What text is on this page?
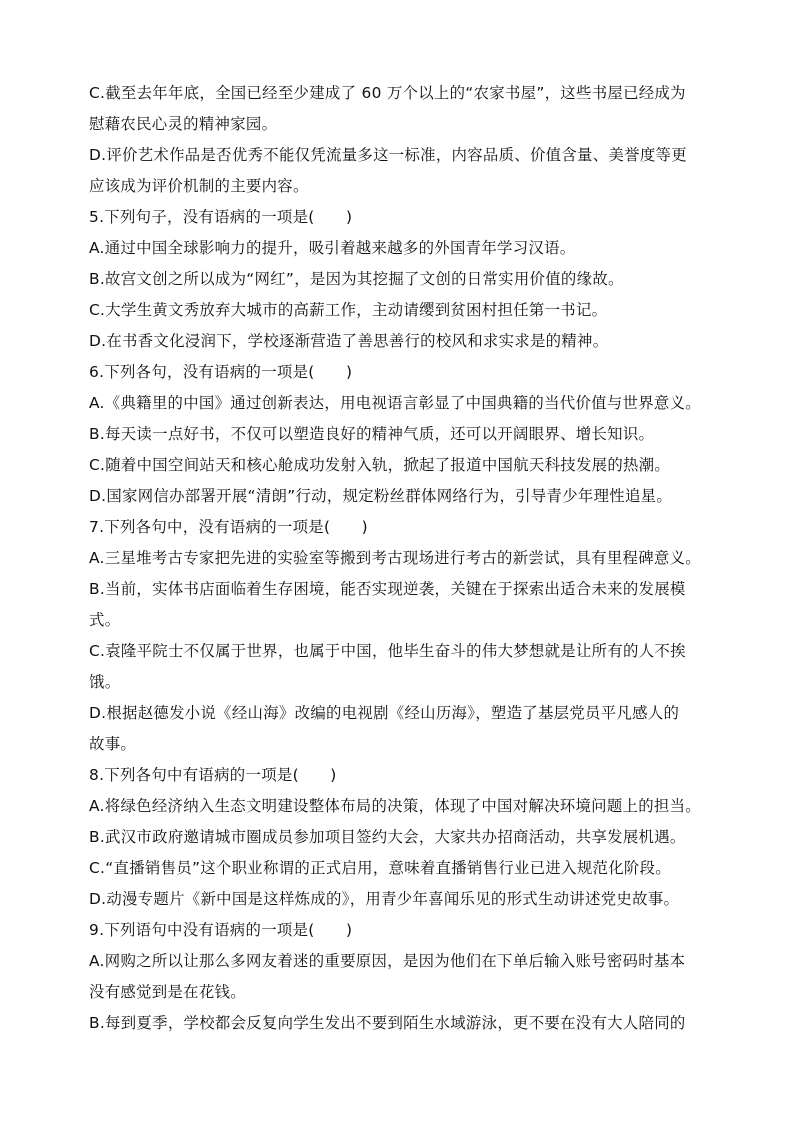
C.截至去年年底，全国已经至少建成了 60 万个以上的“农家书屋”，这些书屋已经成为
慰藉农民心灵的精神家园。
D.评价艺术作品是否优秀不能仅凭流量多这一标准，内容品质、价值含量、美誉度等更
应该成为评价机制的主要内容。
5.下列句子，没有语病的一项是(　　)
A.通过中国全球影响力的提升，吸引着越来越多的外国青年学习汉语。
B.故宫文创之所以成为“网红”，是因为其挖掘了文创的日常实用价值的缘故。
C.大学生黄文秀放弃大城市的高薪工作，主动请缨到贫困村担任第一书记。
D.在书香文化浸润下，学校逐渐营造了善思善行的校风和求实求是的精神。
6.下列各句，没有语病的一项是(　　)
A.《典籍里的中国》通过创新表达，用电视语言彰显了中国典籍的当代价值与世界意义。
B.每天读一点好书，不仅可以塑造良好的精神气质，还可以开阔眼界、增长知识。
C.随着中国空间站天和核心舱成功发射入轨，掀起了报道中国航天科技发展的热潮。
D.国家网信办部署开展“清朗”行动，规定粉丝群体网络行为，引导青少年理性追星。
7.下列各句中，没有语病的一项是(　　)
A.三星堆考古专家把先进的实验室等搬到考古现场进行考古的新尝试，具有里程碑意义。
B.当前，实体书店面临着生存困境，能否实现逆袭，关键在于探索出适合未来的发展模
式。
C.袁隆平院士不仅属于世界，也属于中国，他毕生奋斗的伟大梦想就是让所有的人不挨
饿。
D.根据赵德发小说《经山海》改编的电视剧《经山历海》，塑造了基层党员平凡感人的
故事。
8.下列各句中有语病的一项是(　　)
A.将绿色经济纳入生态文明建设整体布局的决策，体现了中国对解决环境问题上的担当。
B.武汉市政府邀请城市圈成员参加项目签约大会，大家共办招商活动，共享发展机遇。
C.“直播销售员”这个职业称谓的正式启用，意味着直播销售行业已进入规范化阶段。
D.动漫专题片《新中国是这样炼成的》，用青少年喜闻乐见的形式生动讲述党史故事。
9.下列语句中没有语病的一项是(　　)
A.网购之所以让那么多网友着迷的重要原因，是因为他们在下单后输入账号密码时基本
没有感觉到是在花钱。
B.每到夏季，学校都会反复向学生发出不要到陌生水域游泳，更不要在没有大人陪同的
